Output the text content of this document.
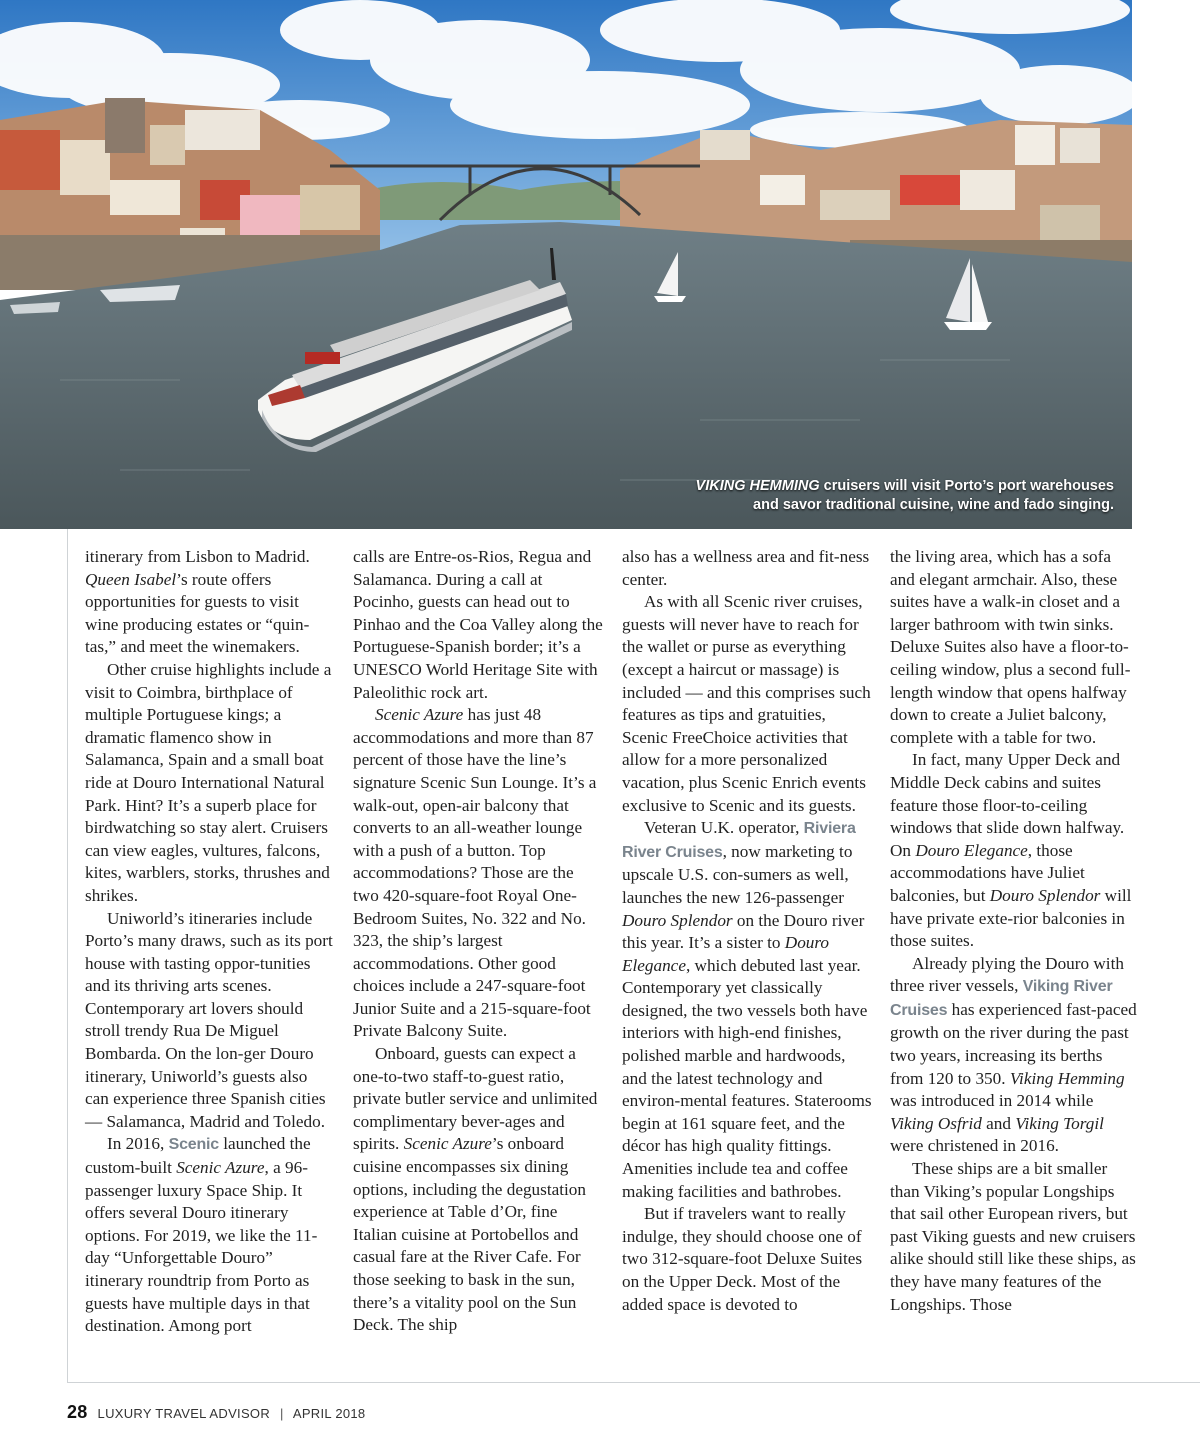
VIKING HEMMING cruisers will visit Porto’s port warehouses
and savor traditional cuisine, wine and fado singing.

itinerary from Lisbon to Madrid. Queen Isabel’s route offers opportunities for guests to visit wine producing estates or “quin-tas,” and meet the winemakers.

Other cruise highlights include a visit to Coimbra, birthplace of multiple Portuguese kings; a dramatic flamenco show in Salamanca, Spain and a small boat ride at Douro International Natural Park. Hint? It’s a superb place for birdwatching so stay alert. Cruisers can view eagles, vultures, falcons, kites, warblers, storks, thrushes and shrikes.

Uniworld’s itineraries include Porto’s many draws, such as its port house with tasting oppor-tunities and its thriving arts scenes. Contemporary art lovers should stroll trendy Rua De Miguel Bombarda. On the lon-ger Douro itinerary, Uniworld’s guests also can experience three Spanish cities — Salamanca, Madrid and Toledo.

In 2016, Scenic launched the custom-built Scenic Azure, a 96-passenger luxury Space Ship. It offers several Douro itinerary options. For 2019, we like the 11-day “Unforgettable Douro” itinerary roundtrip from Porto as guests have multiple days in that destination. Among port

calls are Entre-os-Rios, Regua and Salamanca. During a call at Pocinho, guests can head out to Pinhao and the Coa Valley along the Portuguese-Spanish border; it’s a UNESCO World Heritage Site with Paleolithic rock art.

Scenic Azure has just 48 accommodations and more than 87 percent of those have the line’s signature Scenic Sun Lounge. It’s a walk-out, open-air balcony that converts to an all-weather lounge with a push of a button. Top accommodations? Those are the two 420-square-foot Royal One-Bedroom Suites, No. 322 and No. 323, the ship’s largest accommodations. Other good choices include a 247-square-foot Junior Suite and a 215-square-foot Private Balcony Suite.

Onboard, guests can expect a one-to-two staff-to-guest ratio, private butler service and unlimited complimentary bever-ages and spirits. Scenic Azure’s onboard cuisine encompasses six dining options, including the degustation experience at Table d’Or, fine Italian cuisine at Portobellos and casual fare at the River Cafe. For those seeking to bask in the sun, there’s a vitality pool on the Sun Deck. The ship

also has a wellness area and fit-ness center.

As with all Scenic river cruises, guests will never have to reach for the wallet or purse as everything (except a haircut or massage) is included — and this comprises such features as tips and gratuities, Scenic FreeChoice activities that allow for a more personalized vacation, plus Scenic Enrich events exclusive to Scenic and its guests.

Veteran U.K. operator, Riviera River Cruises, now marketing to upscale U.S. con-sumers as well, launches the new 126-passenger Douro Splendor on the Douro river this year. It’s a sister to Douro Elegance, which debuted last year. Contemporary yet classically designed, the two vessels both have interiors with high-end finishes, polished marble and hardwoods, and the latest technology and environ-mental features. Staterooms begin at 161 square feet, and the décor has high quality fittings. Amenities include tea and coffee making facilities and bathrobes.

But if travelers want to really indulge, they should choose one of two 312-square-foot Deluxe Suites on the Upper Deck. Most of the added space is devoted to

the living area, which has a sofa and elegant armchair. Also, these suites have a walk-in closet and a larger bathroom with twin sinks. Deluxe Suites also have a floor-to-ceiling window, plus a second full-length window that opens halfway down to create a Juliet balcony, complete with a table for two.

In fact, many Upper Deck and Middle Deck cabins and suites feature those floor-to-ceiling windows that slide down halfway. On Douro Elegance, those accommodations have Juliet balconies, but Douro Splendor will have private exte-rior balconies in those suites.

Already plying the Douro with three river vessels, Viking River Cruises has experienced fast-paced growth on the river during the past two years, increasing its berths from 120 to 350. Viking Hemming was introduced in 2014 while Viking Osfrid and Viking Torgil were christened in 2016.

These ships are a bit smaller than Viking’s popular Longships that sail other European rivers, but past Viking guests and new cruisers alike should still like these ships, as they have many features of the Longships. Those

28 LUXURY TRAVEL ADVISOR | APRIL 2018
